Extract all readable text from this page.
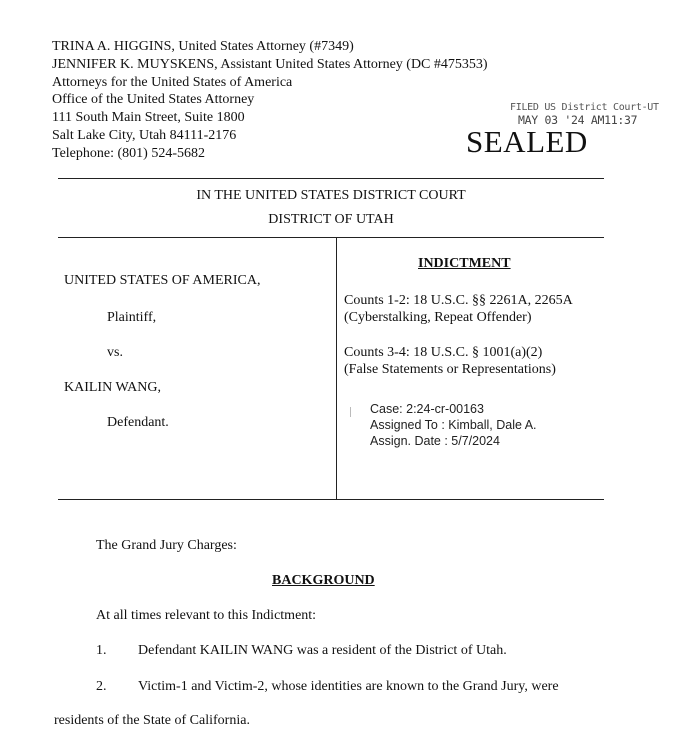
TRINA A. HIGGINS, United States Attorney (#7349)
JENNIFER K. MUYSKENS, Assistant United States Attorney (DC #475353)
Attorneys for the United States of America
Office of the United States Attorney
111 South Main Street, Suite 1800
Salt Lake City, Utah 84111-2176
Telephone: (801) 524-5682
FILED US District Court-UT
MAY 03 '24 AM11:37
SEALED
IN THE UNITED STATES DISTRICT COURT
DISTRICT OF UTAH
UNITED STATES OF AMERICA,
Plaintiff,
vs.
KAILIN WANG,
Defendant.
INDICTMENT
Counts 1-2: 18 U.S.C. §§ 2261A, 2265A
(Cyberstalking, Repeat Offender)
Counts 3-4: 18 U.S.C. § 1001(a)(2)
(False Statements or Representations)
Case: 2:24-cr-00163
Assigned To : Kimball, Dale A.
Assign. Date : 5/7/2024
The Grand Jury Charges:
BACKGROUND
At all times relevant to this Indictment:
1. Defendant KAILIN WANG was a resident of the District of Utah.
2. Victim-1 and Victim-2, whose identities are known to the Grand Jury, were
residents of the State of California.
